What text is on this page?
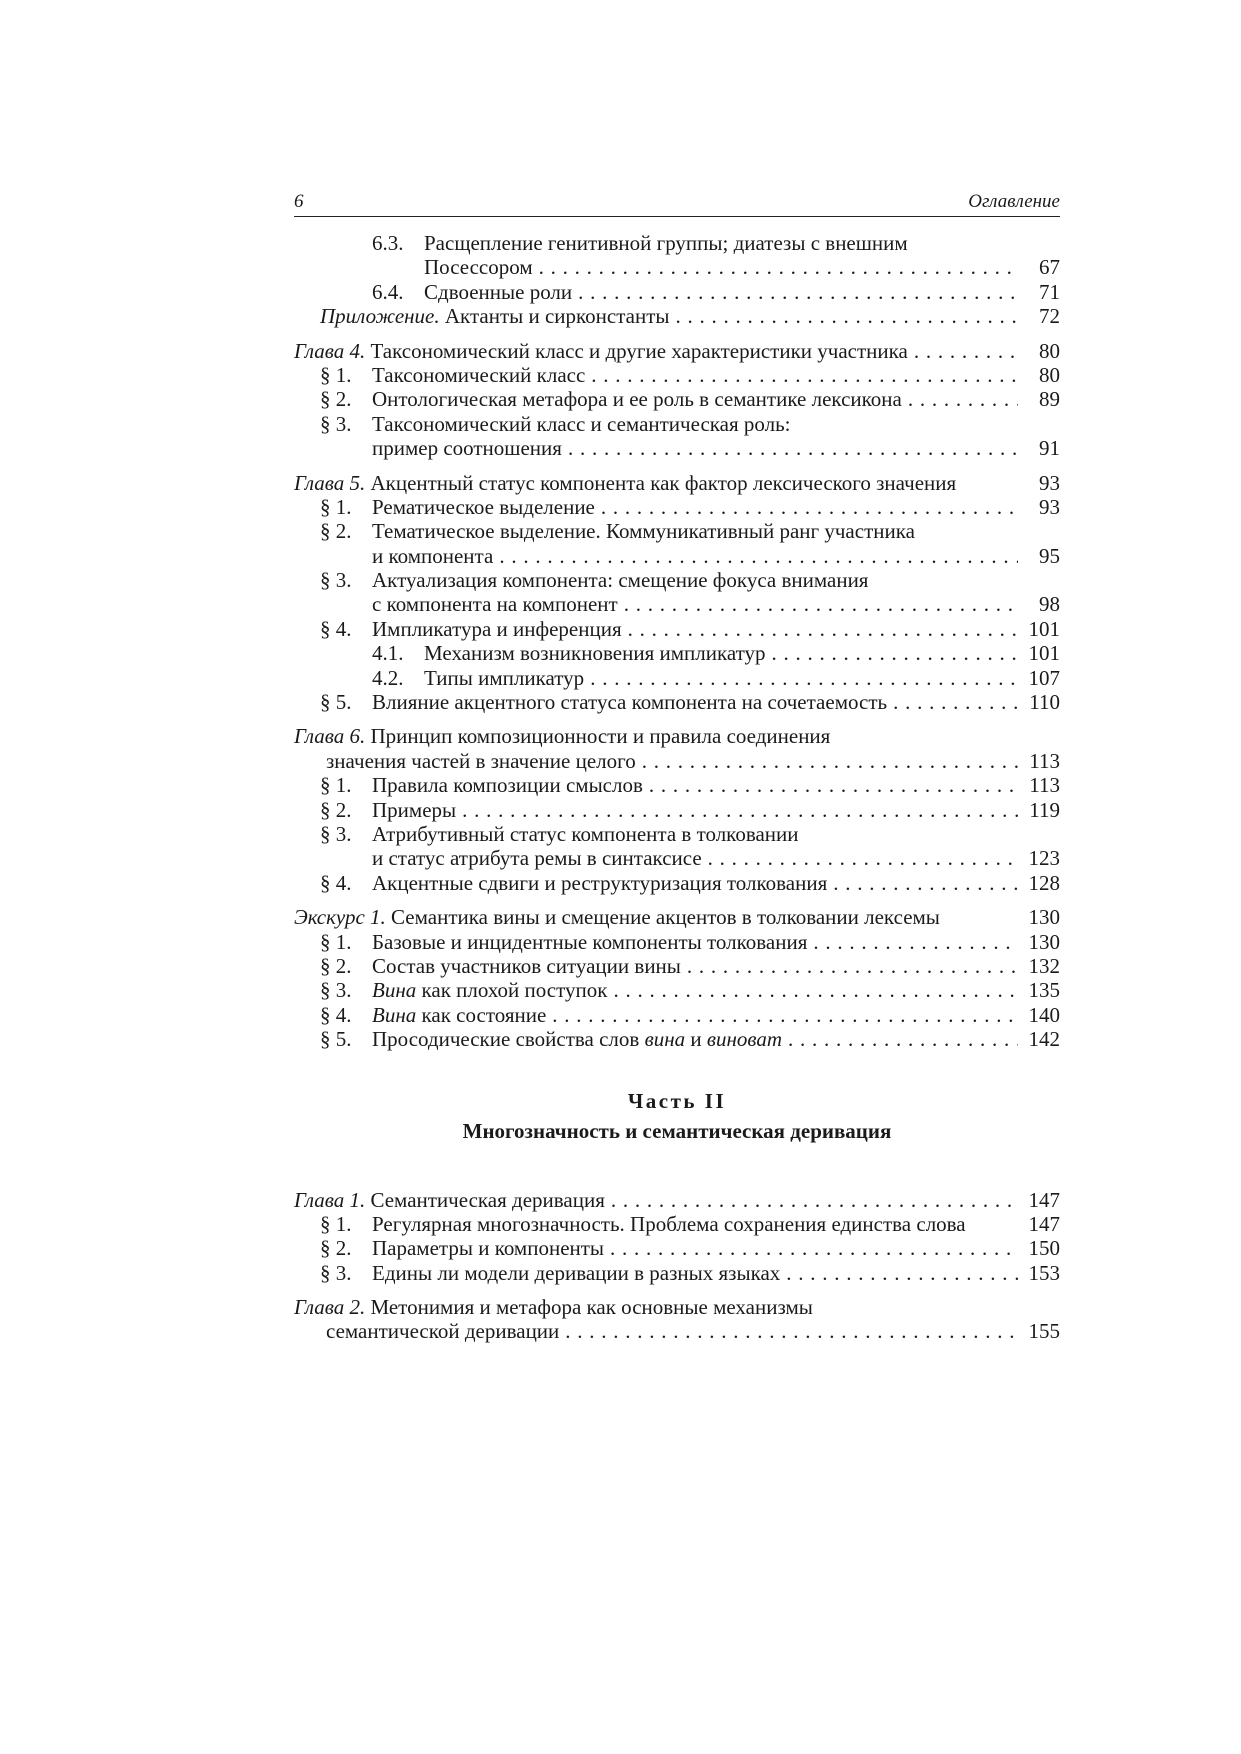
6	Оглавление
6.3. Расщепление генитивной группы; диатезы с внешним
Посессором . . .	67
6.4. Сдвоенные роли . . .	71
Приложение. Актанты и сирконстанты . . .	72
Глава 4. Таксономический класс и другие характеристики участника . . .	80
§ 1. Таксономический класс . . .	80
§ 2. Онтологическая метафора и ее роль в семантике лексикона . . .	89
§ 3. Таксономический класс и семантическая роль:
пример соотношения . . .	91
Глава 5. Акцентный статус компонента как фактор лексического значения	93
§ 1. Рематическое выделение . . .	93
§ 2. Тематическое выделение. Коммуникативный ранг участника
и компонента . . .	95
§ 3. Актуализация компонента: смещение фокуса внимания
с компонента на компонент . . .	98
§ 4. Импликатура и инференция . . .	101
4.1. Механизм возникновения импликатур . . .	101
4.2. Типы импликатур . . .	107
§ 5. Влияние акцентного статуса компонента на сочетаемость . . .	110
Глава 6. Принцип композиционности и правила соединения
значения частей в значение целого . . .	113
§ 1. Правила композиции смыслов . . .	113
§ 2. Примеры . . .	119
§ 3. Атрибутивный статус компонента в толковании
и статус атрибута ремы в синтаксисе . . .	123
§ 4. Акцентные сдвиги и реструктуризация толкования . . .	128
Экскурс 1. Семантика вины и смещение акцентов в толковании лексемы	130
§ 1. Базовые и инцидентные компоненты толкования . . .	130
§ 2. Состав участников ситуации вины . . .	132
§ 3. Вина как плохой поступок . . .	135
§ 4. Вина как состояние . . .	140
§ 5. Просодические свойства слов вина и виноват . . .	142
Часть II
Многозначность и семантическая деривация
Глава 1. Семантическая деривация . . .	147
§ 1. Регулярная многозначность. Проблема сохранения единства слова	147
§ 2. Параметры и компоненты . . .	150
§ 3. Едины ли модели деривации в разных языках . . .	153
Глава 2. Метонимия и метафора как основные механизмы
семантической деривации . . .	155
